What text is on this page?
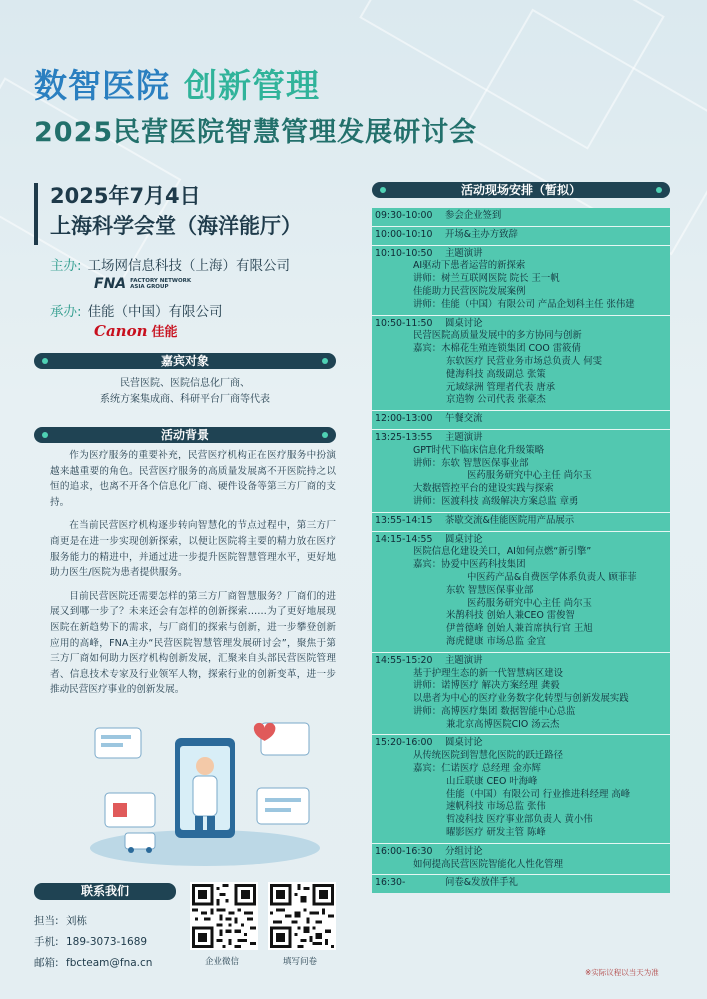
数智医院 创新管理
2025民营医院智慧管理发展研讨会
2025年7月4日
上海科学会堂（海洋能厅）
主办: 工场网信息科技（上海）有限公司
FNA FACTORY NETWORK
ASIA GROUP
承办: 佳能（中国）有限公司
Canon 佳能
嘉宾对象
民营医院、医院信息化厂商、
系统方案集成商、科研平台厂商等代表
活动背景

作为医疗服务的重要补充，民营医疗机构正在医疗服务中扮演越来越重要的角色。民营医疗服务的高质量发展离不开医院持之以恒的追求，也离不开各个信息化厂商、硬件设备等第三方厂商的支持。

在当前民营医疗机构逐步转向智慧化的节点过程中，第三方厂商更是在进一步实现创新探索，以便让医院将主要的精力放在医疗服务能力的精进中，并通过进一步提升医院智慧管理水平，更好地助力医生/医院为患者提供服务。

目前民营医院还需要怎样的第三方厂商智慧服务？厂商们的进展又到哪一步了？未来还会有怎样的创新探索……为了更好地展现医院在新趋势下的需求，与厂商们的探索与创新，进一步攀登创新应用的高峰，FNA主办“民营医院智慧管理发展研讨会”，聚焦于第三方厂商如何助力医疗机构创新发展，汇聚来自头部民营医院管理者、信息技术专家及行业领军人物，探索行业的创新变革，进一步推动民营医疗事业的创新发展。

联系我们
担当: 刘栋
手机: 189-3073-1689
邮箱: fbcteam@fna.cn	企业微信	填写问卷
活动现场安排（暂拟）
09:30-10:00 参会企业签到
10:00-10:10 开场&主办方致辞
10:10-10:50 主题演讲
AI驱动下患者运营的新探索
讲师：树兰互联网医院 院长 王一帆
佳能助力民营医院发展案例
讲师：佳能（中国）有限公司 产品企划科主任 张伟建
10:50-11:50 圆桌讨论
民营医院高质量发展中的多方协同与创新
嘉宾：木棉花生殖连锁集团 COO 雷筱倩
东软医疗 民营业务市场总负责人 何雯
健海科技 高级副总 张策
元域绿洲 管理者代表 唐承
京造物 公司代表 张豪杰
12:00-13:00 午餐交流
13:25-13:55 主题演讲
GPT时代下临床信息化升级策略
讲师：东软 智慧医保事业部
医药服务研究中心主任 尚尔玉
大数据管控平台的建设实践与探索
讲师：医渡科技 高级解决方案总监 章勇
13:55-14:15 茶歇交流&佳能医院用产品展示
14:15-14:55 圆桌讨论
医院信息化建设关口，AI如何点燃“新引擎”
嘉宾：协爱中医药科技集团
中医药产品&自费医学体系负责人 顾菲菲
东软 智慧医保事业部
医药服务研究中心主任 尚尔玉
米鹊科技 创始人兼CEO 雷俊智
伊普德峰 创始人兼首席执行官 王旭
海虎健康 市场总监 金宜
14:55-15:20 主题演讲
基于护理生态的新一代智慧病区建设
讲师：诺博医疗 解决方案经理 龚毅
以患者为中心的医疗业务数字化转型与创新发展实践
讲师：高博医疗集团 数据智能中心总监
兼北京高博医院CIO 汤云杰
15:20-16:00 圆桌讨论
从传统医院到智慧化医院的跃迁路径
嘉宾：仁诺医疗 总经理 金亦辉
山丘联康 CEO 叶海峰
佳能（中国）有限公司 行业推进科经理 高峰
速帆科技 市场总监 张伟
哲凌科技 医疗事业部负责人 黄小伟
曜影医疗 研发主管 陈峰
16:00-16:30 分组讨论
如何提高民营医院智能化人性化管理
16:30-	问卷&发放伴手礼
※实际议程以当天为准
